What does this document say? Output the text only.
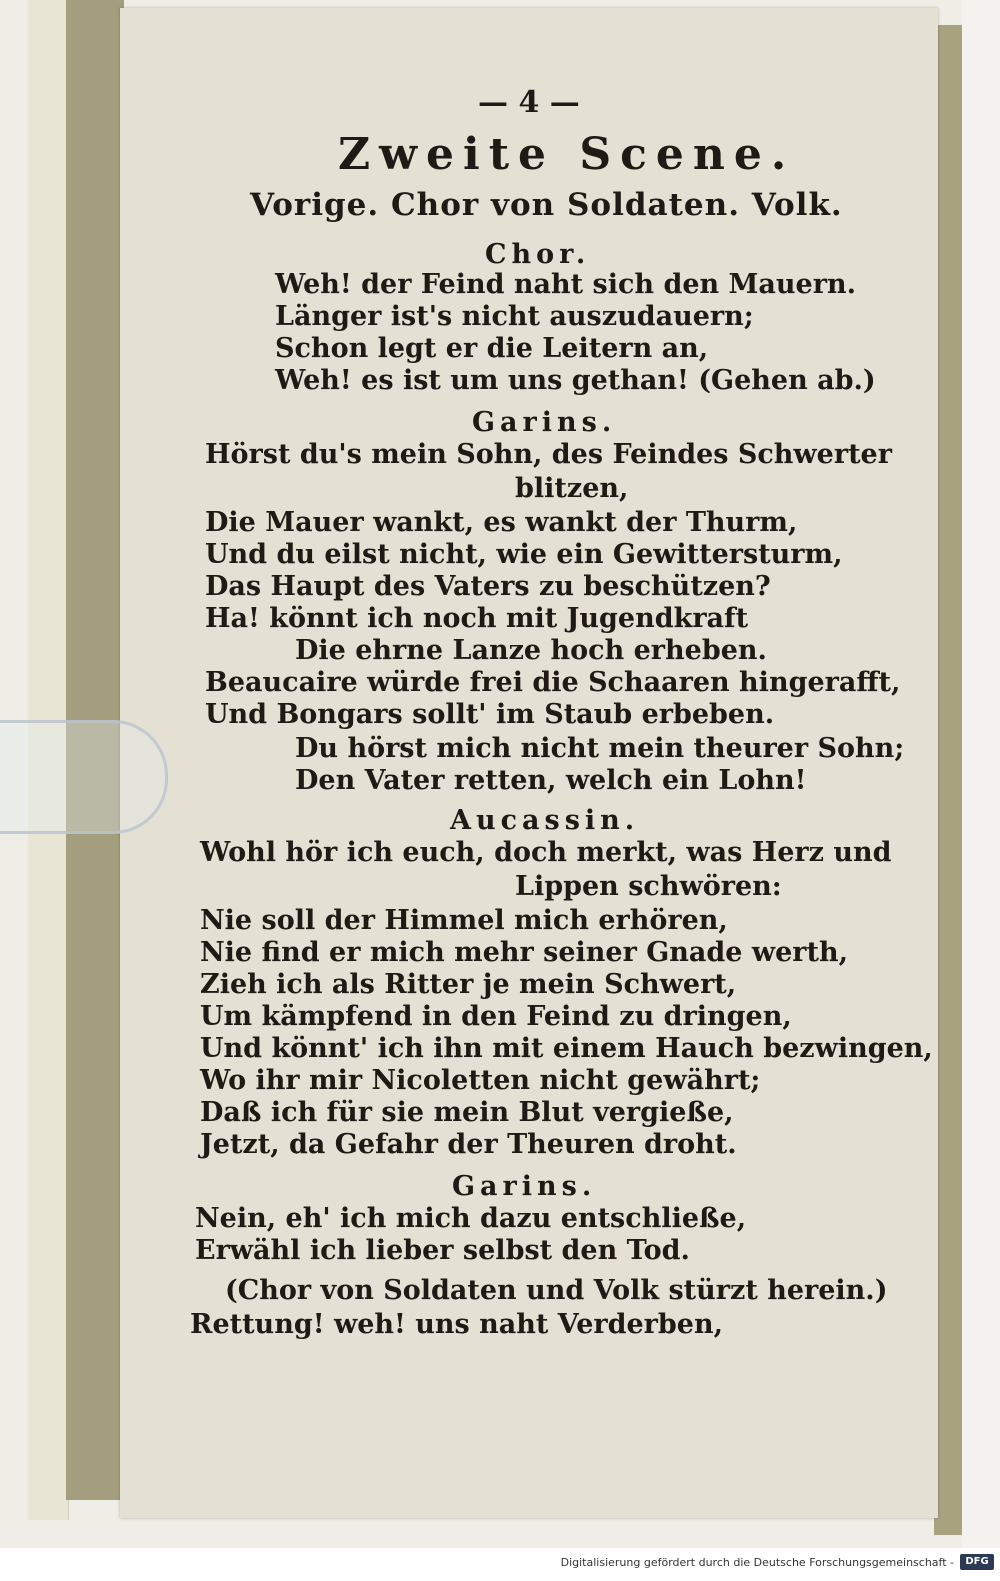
— 4 —
Zweite Scene.
Vorige. Chor von Soldaten. Volk.
Chor.
Weh! der Feind naht sich den Mauern.
Länger ist's nicht auszudauern;
Schon legt er die Leitern an,
Weh! es ist um uns gethan! (Gehen ab.)
Garins.
Hörst du's mein Sohn, des Feindes Schwerter
blitzen,
Die Mauer wankt, es wankt der Thurm,
Und du eilst nicht, wie ein Gewittersturm,
Das Haupt des Vaters zu beschützen?
Ha! könnt ich noch mit Jugendkraft
Die ehrne Lanze hoch erheben.
Beaucaire würde frei die Schaaren hingerafft,
Und Bongars sollt' im Staub erbeben.
Du hörst mich nicht mein theurer Sohn;
Den Vater retten, welch ein Lohn!
Aucassin.
Wohl hör ich euch, doch merkt, was Herz und
Lippen schwören:
Nie soll der Himmel mich erhören,
Nie find er mich mehr seiner Gnade werth,
Zieh ich als Ritter je mein Schwert,
Um kämpfend in den Feind zu dringen,
Und könnt' ich ihn mit einem Hauch bezwingen,
Wo ihr mir Nicoletten nicht gewährt;
Daß ich für sie mein Blut vergieße,
Jetzt, da Gefahr der Theuren droht.
Garins.
Nein, eh' ich mich dazu entschließe,
Erwähl ich lieber selbst den Tod.
(Chor von Soldaten und Volk stürzt herein.)
Rettung! weh! uns naht Verderben,
Digitalisierung gefördert durch die Deutsche Forschungsgemeinschaft -	DFG
